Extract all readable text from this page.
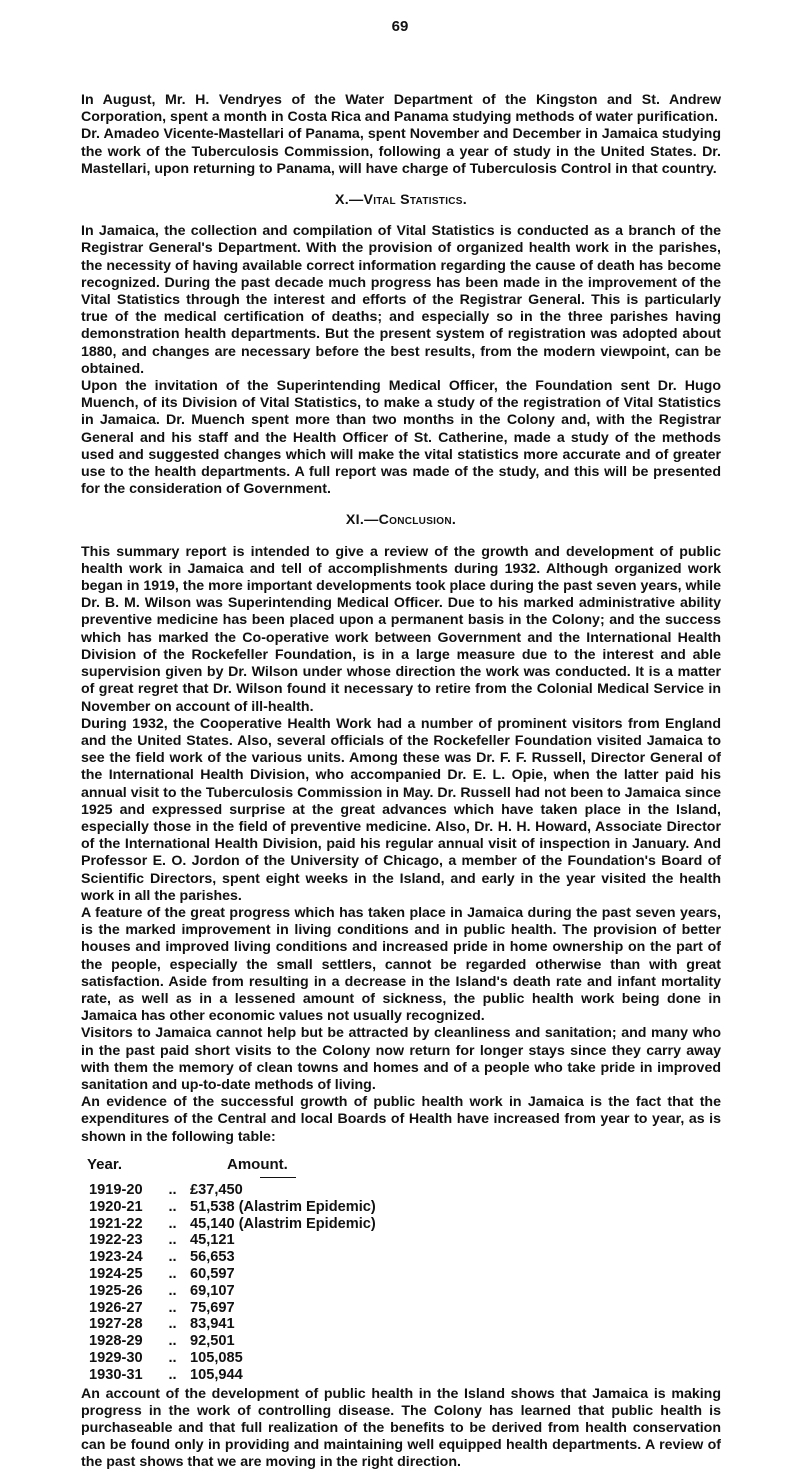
69

In August, Mr. H. Vendryes of the Water Department of the Kingston and St. Andrew Corporation, spent a month in Costa Rica and Panama studying methods of water purification.

Dr. Amadeo Vicente-Mastellari of Panama, spent November and December in Jamaica studying the work of the Tuberculosis Commission, following a year of study in the United States. Dr. Mastellari, upon returning to Panama, will have charge of Tuberculosis Control in that country.

X.—Vital Statistics.

In Jamaica, the collection and compilation of Vital Statistics is conducted as a branch of the Registrar General's Department. With the provision of organized health work in the parishes, the necessity of having available correct information regarding the cause of death has become recognized. During the past decade much progress has been made in the improvement of the Vital Statistics through the interest and efforts of the Registrar General. This is particularly true of the medical certification of deaths; and especially so in the three parishes having demonstration health departments. But the present system of registration was adopted about 1880, and changes are necessary before the best results, from the modern viewpoint, can be obtained.

Upon the invitation of the Superintending Medical Officer, the Foundation sent Dr. Hugo Muench, of its Division of Vital Statistics, to make a study of the registration of Vital Statistics in Jamaica. Dr. Muench spent more than two months in the Colony and, with the Registrar General and his staff and the Health Officer of St. Catherine, made a study of the methods used and suggested changes which will make the vital statistics more accurate and of greater use to the health departments. A full report was made of the study, and this will be presented for the consideration of Government.

XI.—Conclusion.

This summary report is intended to give a review of the growth and development of public health work in Jamaica and tell of accomplishments during 1932. Although organized work began in 1919, the more important developments took place during the past seven years, while Dr. B. M. Wilson was Superintending Medical Officer. Due to his marked administrative ability preventive medicine has been placed upon a permanent basis in the Colony; and the success which has marked the Co-operative work between Government and the International Health Division of the Rockefeller Foundation, is in a large measure due to the interest and able supervision given by Dr. Wilson under whose direction the work was conducted. It is a matter of great regret that Dr. Wilson found it necessary to retire from the Colonial Medical Service in November on account of ill-health.

During 1932, the Cooperative Health Work had a number of prominent visitors from England and the United States. Also, several officials of the Rockefeller Foundation visited Jamaica to see the field work of the various units. Among these was Dr. F. F. Russell, Director General of the International Health Division, who accompanied Dr. E. L. Opie, when the latter paid his annual visit to the Tuberculosis Commission in May. Dr. Russell had not been to Jamaica since 1925 and expressed surprise at the great advances which have taken place in the Island, especially those in the field of preventive medicine. Also, Dr. H. H. Howard, Associate Director of the International Health Division, paid his regular annual visit of inspection in January. And Professor E. O. Jordon of the University of Chicago, a member of the Foundation's Board of Scientific Directors, spent eight weeks in the Island, and early in the year visited the health work in all the parishes.

A feature of the great progress which has taken place in Jamaica during the past seven years, is the marked improvement in living conditions and in public health. The provision of better houses and improved living conditions and increased pride in home ownership on the part of the people, especially the small settlers, cannot be regarded otherwise than with great satisfaction. Aside from resulting in a decrease in the Island's death rate and infant mortality rate, as well as in a lessened amount of sickness, the public health work being done in Jamaica has other economic values not usually recognized.

Visitors to Jamaica cannot help but be attracted by cleanliness and sanitation; and many who in the past paid short visits to the Colony now return for longer stays since they carry away with them the memory of clean towns and homes and of a people who take pride in improved sanitation and up-to-date methods of living.

An evidence of the successful growth of public health work in Jamaica is the fact that the expenditures of the Central and local Boards of Health have increased from year to year, as is shown in the following table:

Year.	Amount.
1919-20	.. £37,450
1920-21	.. 51,538 (Alastrim Epidemic)
1921-22	.. 45,140 (Alastrim Epidemic)
1922-23	.. 45,121
1923-24	.. 56,653
1924-25	.. 60,597
1925-26	.. 69,107
1926-27	.. 75,697
1927-28	.. 83,941
1928-29	.. 92,501
1929-30	.. 105,085
1930-31	.. 105,944

An account of the development of public health in the Island shows that Jamaica is making progress in the work of controlling disease. The Colony has learned that public health is purchaseable and that full realization of the benefits to be derived from health conservation can be found only in providing and maintaining well equipped health departments. A review of the past shows that we are moving in the right direction.
